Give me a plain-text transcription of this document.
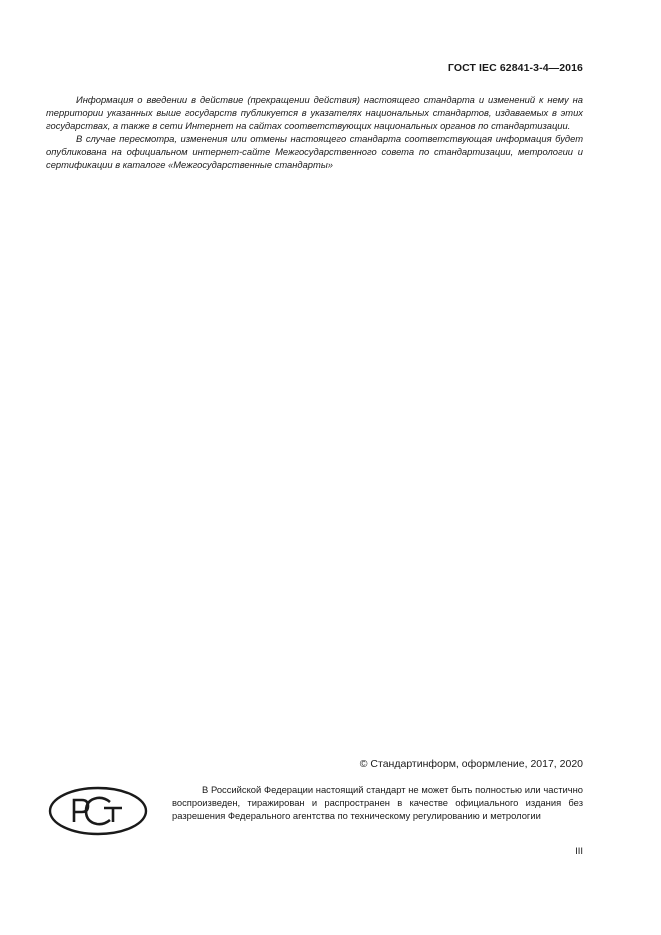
ГОСТ IEC 62841-3-4—2016

Информация о введении в действие (прекращении действия) настоящего стандарта и изменений к нему на территории указанных выше государств публикуется в указателях национальных стандартов, издаваемых в этих государствах, а также в сети Интернет на сайтах соответствующих национальных органов по стандартизации.

В случае пересмотра, изменения или отмены настоящего стандарта соответствующая информация будет опубликована на официальном интернет-сайте Межгосударственного совета по стандартизации, метрологии и сертификации в каталоге «Межгосударственные стандарты»

© Стандартинформ, оформление, 2017, 2020

В Российской Федерации настоящий стандарт не может быть полностью или частично воспроизведен, тиражирован и распространен в качестве официального издания без разрешения Федерального агентства по техническому регулированию и метрологии

III
